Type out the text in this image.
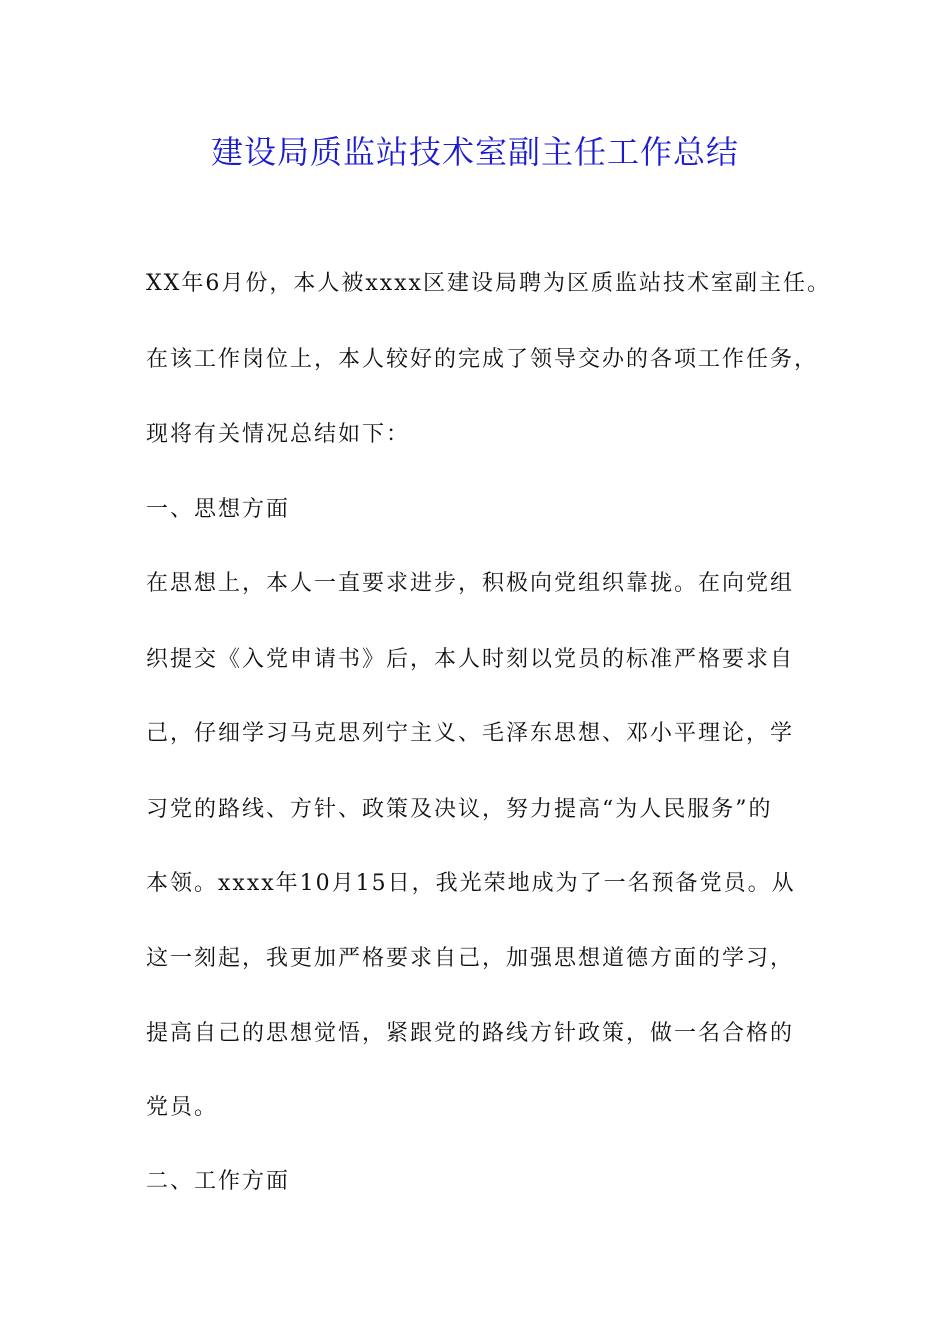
建设局质监站技术室副主任工作总结
XX年6月份，本人被xxxx区建设局聘为区质监站技术室副主任。
在该工作岗位上，本人较好的完成了领导交办的各项工作任务，
现将有关情况总结如下：
一、思想方面
在思想上，本人一直要求进步，积极向党组织靠拢。在向党组
织提交《入党申请书》后，本人时刻以党员的标准严格要求自
己，仔细学习马克思列宁主义、毛泽东思想、邓小平理论，学
习党的路线、方针、政策及决议，努力提高“为人民服务”的
本领。xxxx年10月15日，我光荣地成为了一名预备党员。从
这一刻起，我更加严格要求自己，加强思想道德方面的学习，
提高自己的思想觉悟，紧跟党的路线方针政策，做一名合格的
党员。
二、工作方面
